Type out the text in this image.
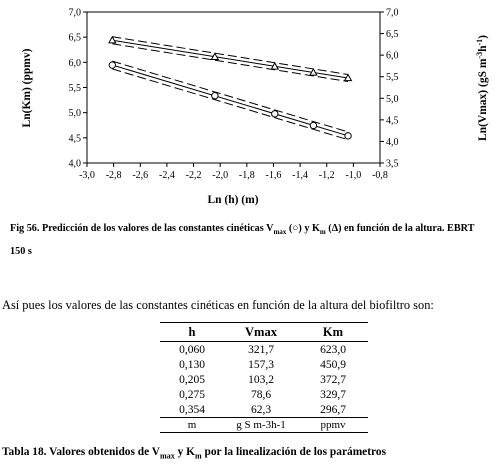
-3,0 -2,8 -2,6 -2,4 -2,2 -2,0 -1,8 -1,6 -1,4 -1,2 -1,0 -0,8
4,0
4,5
5,0
5,5
6,0
6,5
7,0
3,5
4,0
4,5
5,0
5,5
6,0
6,5
7,0
Ln (h) (m)
Ln(Km) (ppmv)	Ln(Vmax) (gS $m^{-3}h^{-1}$)
Fig 56. Predicción de los valores de las constantes cinéticas $V_{max}$ (○) y $K_m$ (Δ) en función de la altura. EBRT 150 s
Así pues los valores de las constantes cinéticas en función de la altura del biofiltro son:
h	Vmax	Km
0,060	321,7	623,0
0,130	157,3	450,9
0,205	103,2	372,7
0,275	78,6	329,7
0,354	62,3	296,7
m	g S m-3h-1	ppmv
Tabla 18. Valores obtenidos de $V_{max}$ y $K_m$ por la linealización de los parámetros
